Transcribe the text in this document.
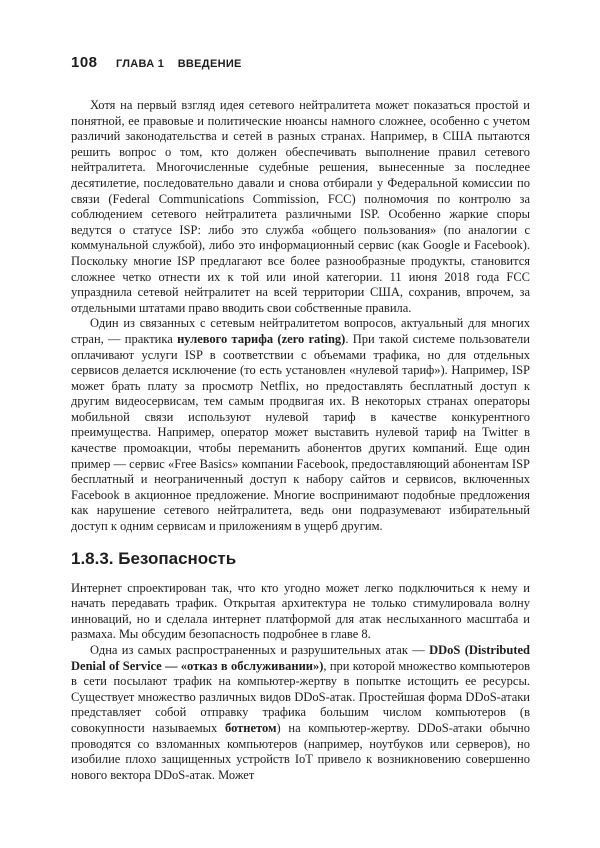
108 ГЛАВА 1 ВВЕДЕНИЕ

Хотя на первый взгляд идея сетевого нейтралитета может показаться простой и понятной, ее правовые и политические нюансы намного сложнее, особенно с учетом различий законодательства и сетей в разных странах. Например, в США пытаются решить вопрос о том, кто должен обеспечивать выполнение правил сетевого нейтралитета. Многочисленные судебные решения, вынесенные за последнее десятилетие, последовательно давали и снова отбирали у Федеральной комиссии по связи (Federal Communications Commission, FCC) полномочия по контролю за соблюдением сетевого нейтралитета различными ISP. Особенно жаркие споры ведутся о статусе ISP: либо это служба «общего пользования» (по аналогии с коммунальной службой), либо это информационный сервис (как Google и Facebook). Поскольку многие ISP предлагают все более разнообразные продукты, становится сложнее четко отнести их к той или иной категории. 11 июня 2018 года FCC упразднила сетевой нейтралитет на всей территории США, сохранив, впрочем, за отдельными штатами право вводить свои собственные правила.

Один из связанных с сетевым нейтралитетом вопросов, актуальный для многих стран, — практика нулевого тарифа (zero rating). При такой системе пользователи оплачивают услуги ISP в соответствии с объемами трафика, но для отдельных сервисов делается исключение (то есть установлен «нулевой тариф»). Например, ISP может брать плату за просмотр Netflix, но предоставлять бесплатный доступ к другим видеосервисам, тем самым продвигая их. В некоторых странах операторы мобильной связи используют нулевой тариф в качестве конкурентного преимущества. Например, оператор может выставить нулевой тариф на Twitter в качестве промоакции, чтобы переманить абонентов других компаний. Еще один пример — сервис «Free Basics» компании Facebook, предоставляющий абонентам ISP бесплатный и неограниченный доступ к набору сайтов и сервисов, включенных Facebook в акционное предложение. Многие воспринимают подобные предложения как нарушение сетевого нейтралитета, ведь они подразумевают избирательный доступ к одним сервисам и приложениям в ущерб другим.

1.8.3. Безопасность

Интернет спроектирован так, что кто угодно может легко подключиться к нему и начать передавать трафик. Открытая архитектура не только стимулировала волну инноваций, но и сделала интернет платформой для атак неслыханного масштаба и размаха. Мы обсудим безопасность подробнее в главе 8.

Одна из самых распространенных и разрушительных атак — DDoS (Distributed Denial of Service — «отказ в обслуживании»), при которой множество компьютеров в сети посылают трафик на компьютер-жертву в попытке истощить ее ресурсы. Существует множество различных видов DDoS-атак. Простейшая форма DDoS-атаки представляет собой отправку трафика большим числом компьютеров (в совокупности называемых ботнетом) на компьютер-жертву. DDoS-атаки обычно проводятся со взломанных компьютеров (например, ноутбуков или серверов), но изобилие плохо защищенных устройств IoT привело к возникновению совершенно нового вектора DDoS-атак. Может
